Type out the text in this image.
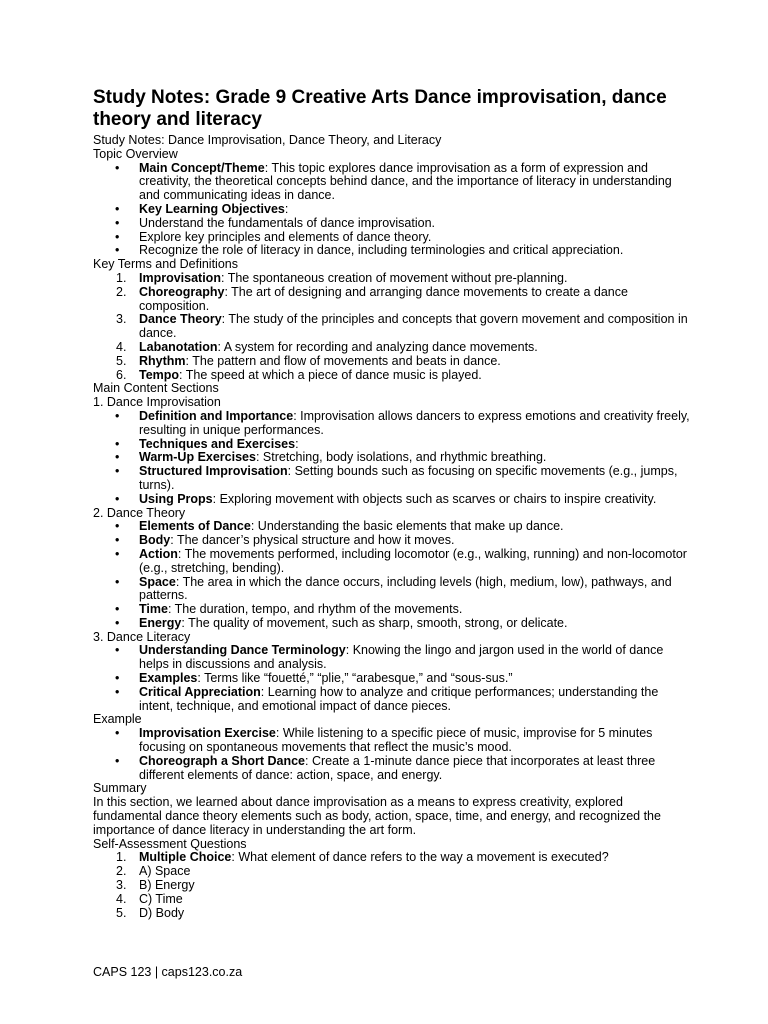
Study Notes: Grade 9 Creative Arts Dance improvisation, dance theory and literacy
Study Notes: Dance Improvisation, Dance Theory, and Literacy
Topic Overview
• Main Concept/Theme: This topic explores dance improvisation as a form of expression and creativity, the theoretical concepts behind dance, and the importance of literacy in understanding and communicating ideas in dance.
• Key Learning Objectives:
• Understand the fundamentals of dance improvisation.
• Explore key principles and elements of dance theory.
• Recognize the role of literacy in dance, including terminologies and critical appreciation.
Key Terms and Definitions
1. Improvisation: The spontaneous creation of movement without pre-planning.
2. Choreography: The art of designing and arranging dance movements to create a dance composition.
3. Dance Theory: The study of the principles and concepts that govern movement and composition in dance.
4. Labanotation: A system for recording and analyzing dance movements.
5. Rhythm: The pattern and flow of movements and beats in dance.
6. Tempo: The speed at which a piece of dance music is played.
Main Content Sections
1. Dance Improvisation
• Definition and Importance: Improvisation allows dancers to express emotions and creativity freely, resulting in unique performances.
• Techniques and Exercises:
• Warm-Up Exercises: Stretching, body isolations, and rhythmic breathing.
• Structured Improvisation: Setting bounds such as focusing on specific movements (e.g., jumps, turns).
• Using Props: Exploring movement with objects such as scarves or chairs to inspire creativity.
2. Dance Theory
• Elements of Dance: Understanding the basic elements that make up dance.
• Body: The dancer’s physical structure and how it moves.
• Action: The movements performed, including locomotor (e.g., walking, running) and non-locomotor (e.g., stretching, bending).
• Space: The area in which the dance occurs, including levels (high, medium, low), pathways, and patterns.
• Time: The duration, tempo, and rhythm of the movements.
• Energy: The quality of movement, such as sharp, smooth, strong, or delicate.
3. Dance Literacy
• Understanding Dance Terminology: Knowing the lingo and jargon used in the world of dance helps in discussions and analysis.
• Examples: Terms like “fouetté,” “plie,” “arabesque,” and “sous-sus.”
• Critical Appreciation: Learning how to analyze and critique performances; understanding the intent, technique, and emotional impact of dance pieces.
Example
• Improvisation Exercise: While listening to a specific piece of music, improvise for 5 minutes focusing on spontaneous movements that reflect the music’s mood.
• Choreograph a Short Dance: Create a 1-minute dance piece that incorporates at least three different elements of dance: action, space, and energy.
Summary
In this section, we learned about dance improvisation as a means to express creativity, explored fundamental dance theory elements such as body, action, space, time, and energy, and recognized the importance of dance literacy in understanding the art form.
Self-Assessment Questions
1. Multiple Choice: What element of dance refers to the way a movement is executed?
2. A) Space
3. B) Energy
4. C) Time
5. D) Body
CAPS 123 | caps123.co.za
